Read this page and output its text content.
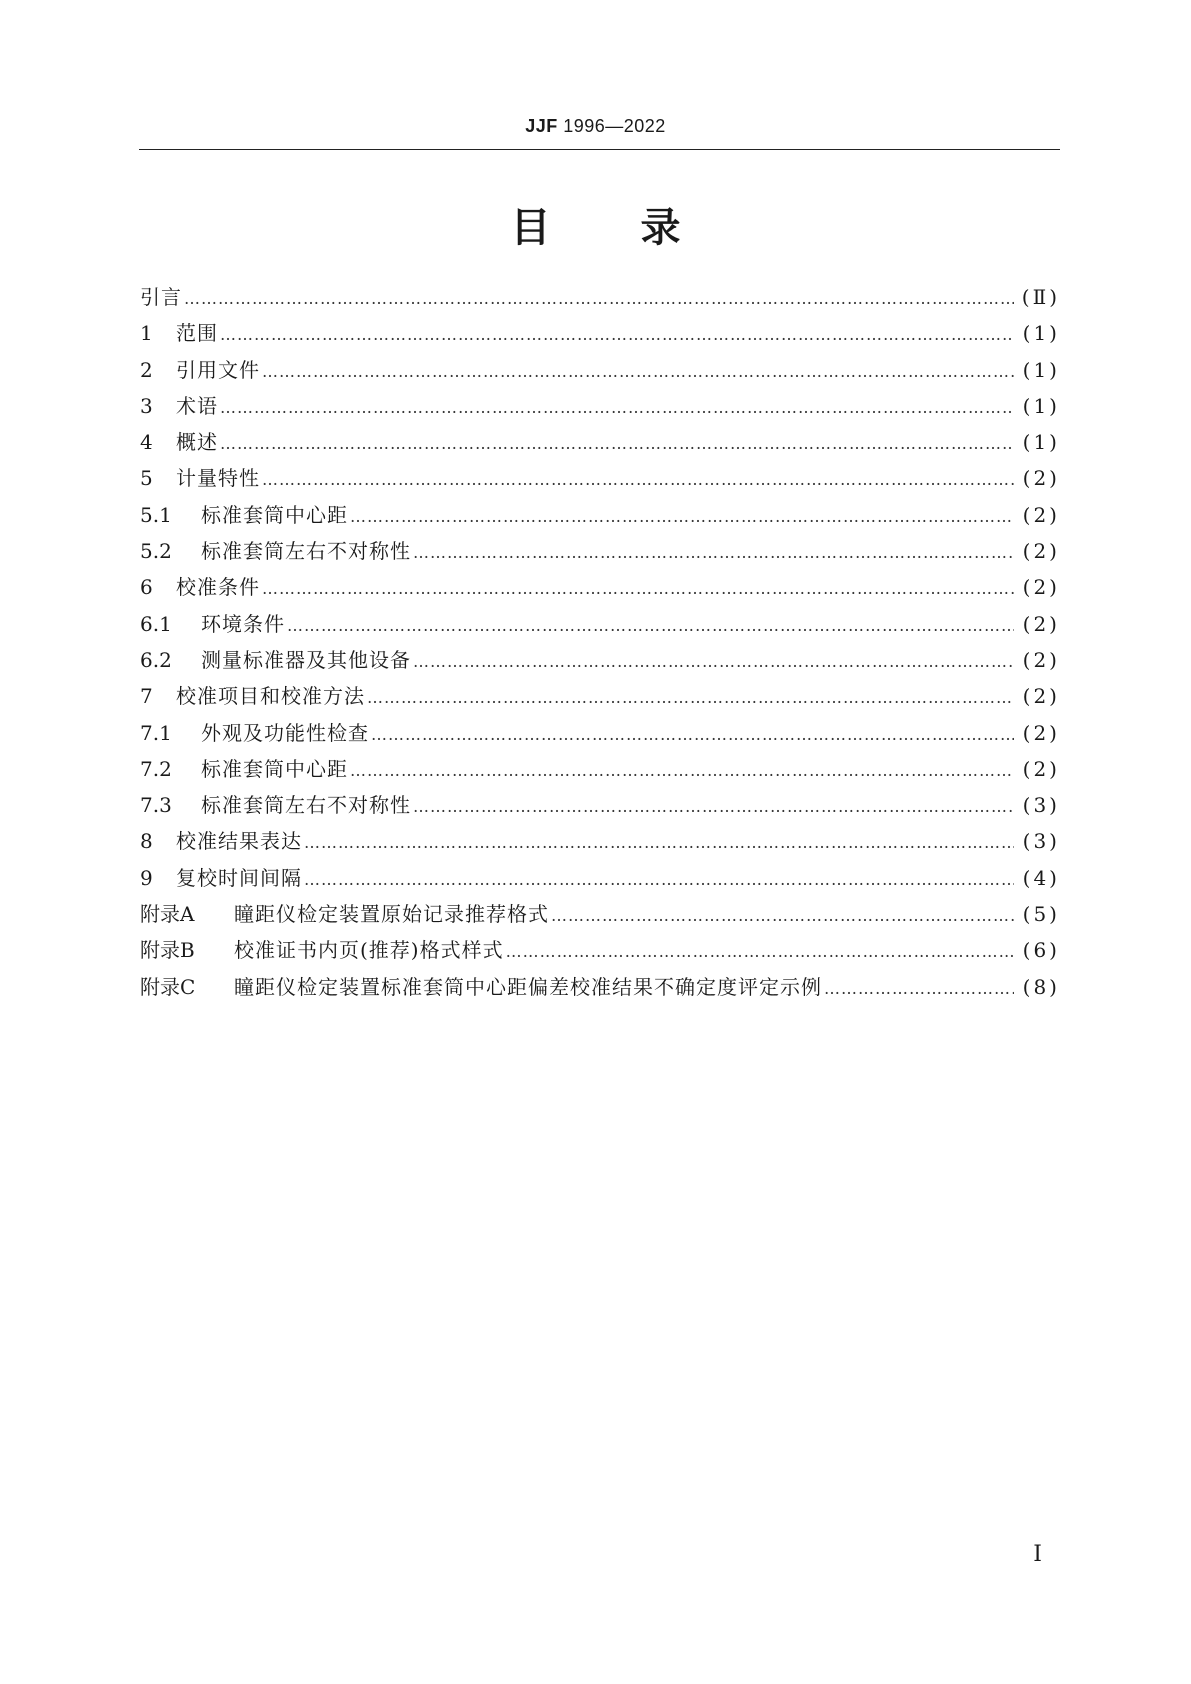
JJF 1996—2022
目 录
引言 …………………………………………………………………………………………………………………………………………………………………………………………	(Ⅱ)
1	范围 …………………………………………………………………………………………………………………………………………………………………………………………	(1)
2	引用文件 …………………………………………………………………………………………………………………………………………………………………………………………	(1)
3	术语 …………………………………………………………………………………………………………………………………………………………………………………………	(1)
4	概述 …………………………………………………………………………………………………………………………………………………………………………………………	(1)
5	计量特性 …………………………………………………………………………………………………………………………………………………………………………………………	(2)
5.1	标准套筒中心距 …………………………………………………………………………………………………………………………………………………………………………………………	(2)
5.2	标准套筒左右不对称性 …………………………………………………………………………………………………………………………………………………………………………………………	(2)
6	校准条件 …………………………………………………………………………………………………………………………………………………………………………………………	(2)
6.1	环境条件 …………………………………………………………………………………………………………………………………………………………………………………………	(2)
6.2	测量标准器及其他设备 …………………………………………………………………………………………………………………………………………………………………………………………	(2)
7	校准项目和校准方法 …………………………………………………………………………………………………………………………………………………………………………………………	(2)
7.1	外观及功能性检查 …………………………………………………………………………………………………………………………………………………………………………………………	(2)
7.2	标准套筒中心距 …………………………………………………………………………………………………………………………………………………………………………………………	(2)
7.3	标准套筒左右不对称性 …………………………………………………………………………………………………………………………………………………………………………………………	(3)
8	校准结果表达 …………………………………………………………………………………………………………………………………………………………………………………………	(3)
9	复校时间间隔 …………………………………………………………………………………………………………………………………………………………………………………………	(4)
附录A	瞳距仪检定装置原始记录推荐格式 …………………………………………………………………………………………………………………………………………………………………………………………	(5)
附录B	校准证书内页(推荐)格式样式 …………………………………………………………………………………………………………………………………………………………………………………………	(6)
附录C	瞳距仪检定装置标准套筒中心距偏差校准结果不确定度评定示例 …………………………………………………………………………………………………………………………………………………………………………………………	(8)
I
